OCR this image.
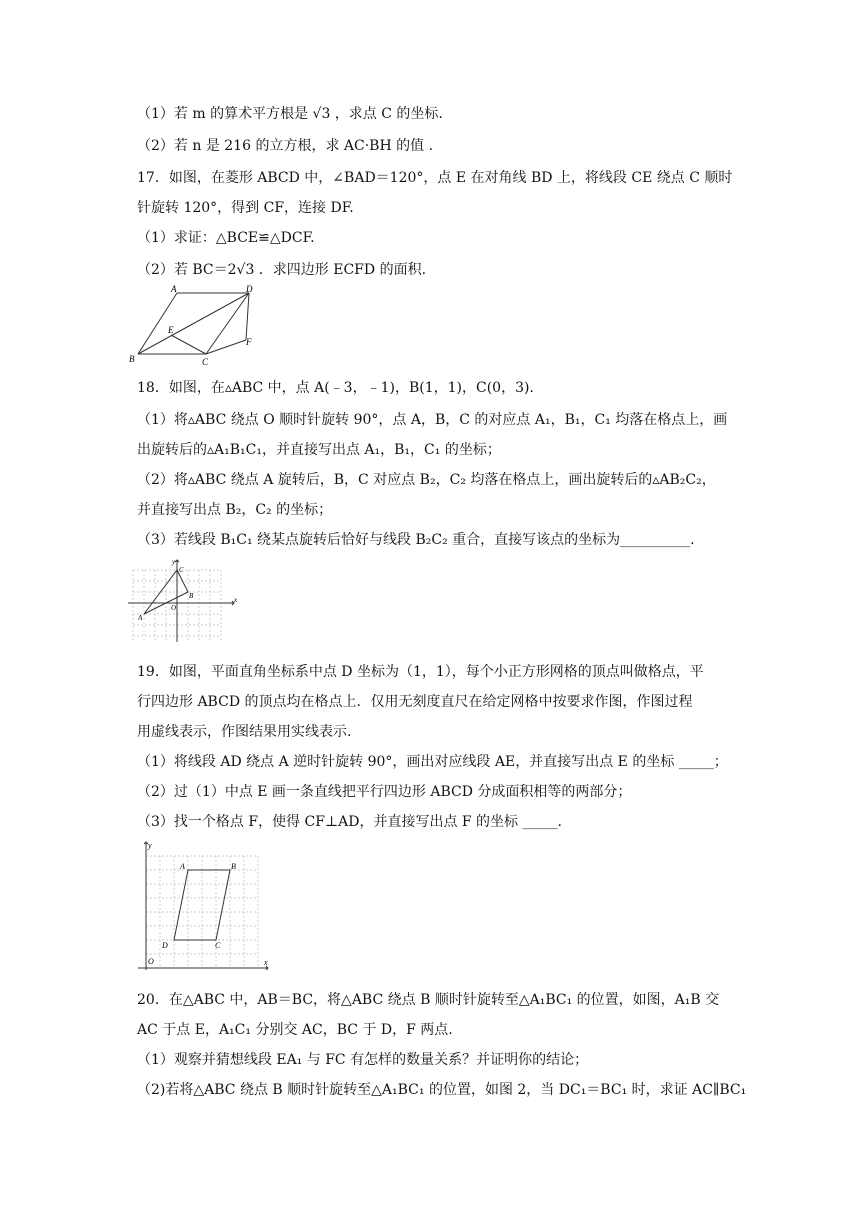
（1）若 m 的算术平方根是 √3 ，求点 C 的坐标.
（2）若 n 是 216 的立方根，求 AC·BH 的值 .
17．如图，在菱形 ABCD 中，∠BAD＝120°，点 E 在对角线 BD 上，将线段 CE 绕点 C 顺时
针旋转 120°，得到 CF，连接 DF.
（1）求证：△BCE≌△DCF.
（2）若 BC＝2√3 ．求四边形 ECFD 的面积.
A	D
E
B	C
F
18．如图，在▵ABC 中，点 A(﹣3，﹣1)，B(1，1)，C(0，3).
（1）将▵ABC 绕点 O 顺时针旋转 90°，点 A，B，C 的对应点 A₁，B₁，C₁ 均落在格点上，画
出旋转后的▵A₁B₁C₁，并直接写出点 A₁，B₁，C₁ 的坐标；
（2）将▵ABC 绕点 A 旋转后，B，C 对应点 B₂，C₂ 均落在格点上，画出旋转后的▵AB₂C₂，
并直接写出点 B₂，C₂ 的坐标；
（3）若线段 B₁C₁ 绕某点旋转后恰好与线段 B₂C₂ 重合，直接写该点的坐标为__________.
y
x
C
B
O
A
19．如图，平面直角坐标系中点 D 坐标为（1，1），每个小正方形网格的顶点叫做格点，平
行四边形 ABCD 的顶点均在格点上．仅用无刻度直尺在给定网格中按要求作图，作图过程
用虚线表示，作图结果用实线表示.
（1）将线段 AD 绕点 A 逆时针旋转 90°，画出对应线段 AE，并直接写出点 E 的坐标 _____；
（2）过（1）中点 E 画一条直线把平行四边形 ABCD 分成面积相等的两部分；
（3）找一个格点 F，使得 CF⊥AD，并直接写出点 F 的坐标 _____.
y
x
A	B
D	C
O
20．在△ABC 中，AB＝BC，将△ABC 绕点 B 顺时针旋转至△A₁BC₁ 的位置，如图，A₁B 交
AC 于点 E，A₁C₁ 分别交 AC，BC 于 D，F 两点.
（1）观察并猜想线段 EA₁ 与 FC 有怎样的数量关系？并证明你的结论；
（2)若将△ABC 绕点 B 顺时针旋转至△A₁BC₁ 的位置，如图 2，当 DC₁＝BC₁ 时，求证 AC∥BC₁
